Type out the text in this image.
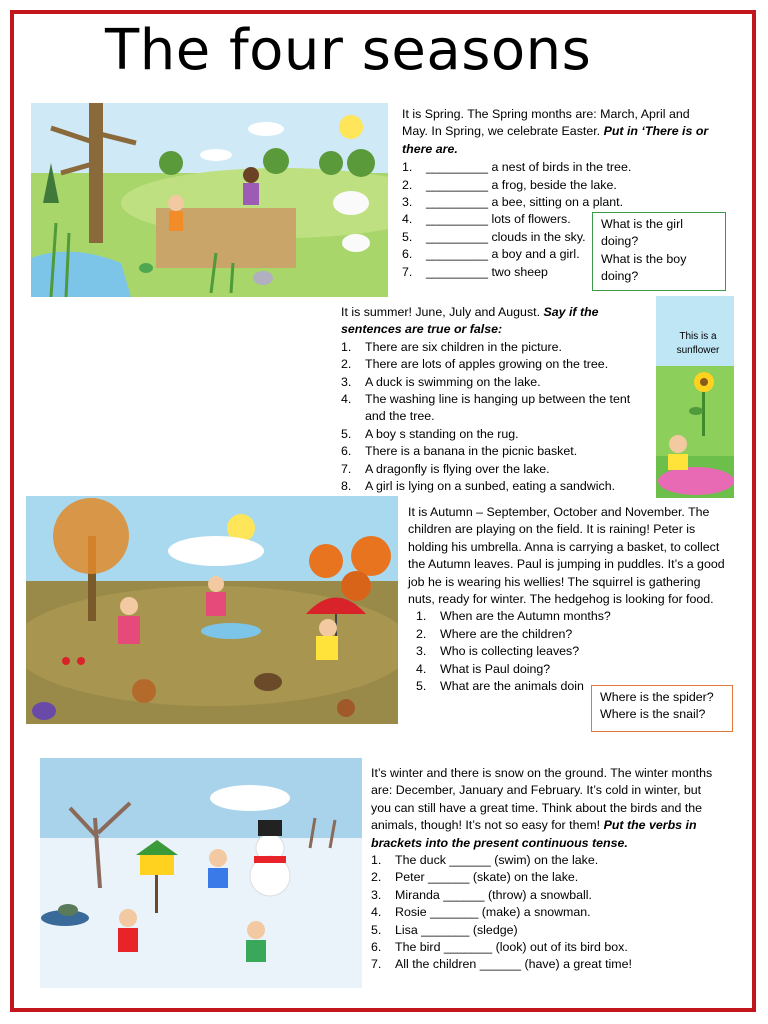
The four seasons

It is Spring. The Spring months are: March, April and May. In Spring, we celebrate Easter. Put in ‘There is or there are.

1.	_________ a nest of birds in the tree.
2.	_________ a frog, beside the lake.
3.	_________ a bee, sitting on a plant.
4.	_________ lots of flowers.
5.	_________ clouds in the sky.
6.	_________ a boy and a girl.
7.	_________ two sheep

What is the girl doing?

What is the boy doing?

This is a sunflower

It is summer! June, July and August. Say if the sentences are true or false:

1.	There are six children in the picture.
2.	There are lots of apples growing on the tree.
3.	A duck is swimming on the lake.
4.	The washing line is hanging up between the tent and the tree.
5.	A boy s standing on the rug.
6.	There is a banana in the picnic basket.
7.	A dragonfly is flying over the lake.
8.	A girl is lying on a sunbed, eating a sandwich.

It is Autumn – September, October and November. The children are playing on the field. It is raining! Peter is holding his umbrella. Anna is carrying a basket, to collect the Autumn leaves. Paul is jumping in puddles. It’s a good job he is wearing his wellies! The squirrel is gathering nuts, ready for winter. The hedgehog is looking for food.

1.	When are the Autumn months?
2.	Where are the children?
3.	Who is collecting leaves?
4.	What is Paul doing?
5.	What are the animals doin

Where is the spider?

Where is the snail?

It’s winter and there is snow on the ground. The winter months are: December, January and February. It’s cold in winter, but you can still have a great time. Think about the birds and the animals, though! It’s not so easy for them! Put the verbs in brackets into the present continuous tense.

1.	The duck ______ (swim) on the lake.
2.	Peter ______ (skate) on the lake.
3.	Miranda ______ (throw) a snowball.
4.	Rosie _______ (make) a snowman.
5.	Lisa _______ (sledge)
6.	The bird _______ (look) out of its bird box.
7.	All the children ______ (have) a great time!
